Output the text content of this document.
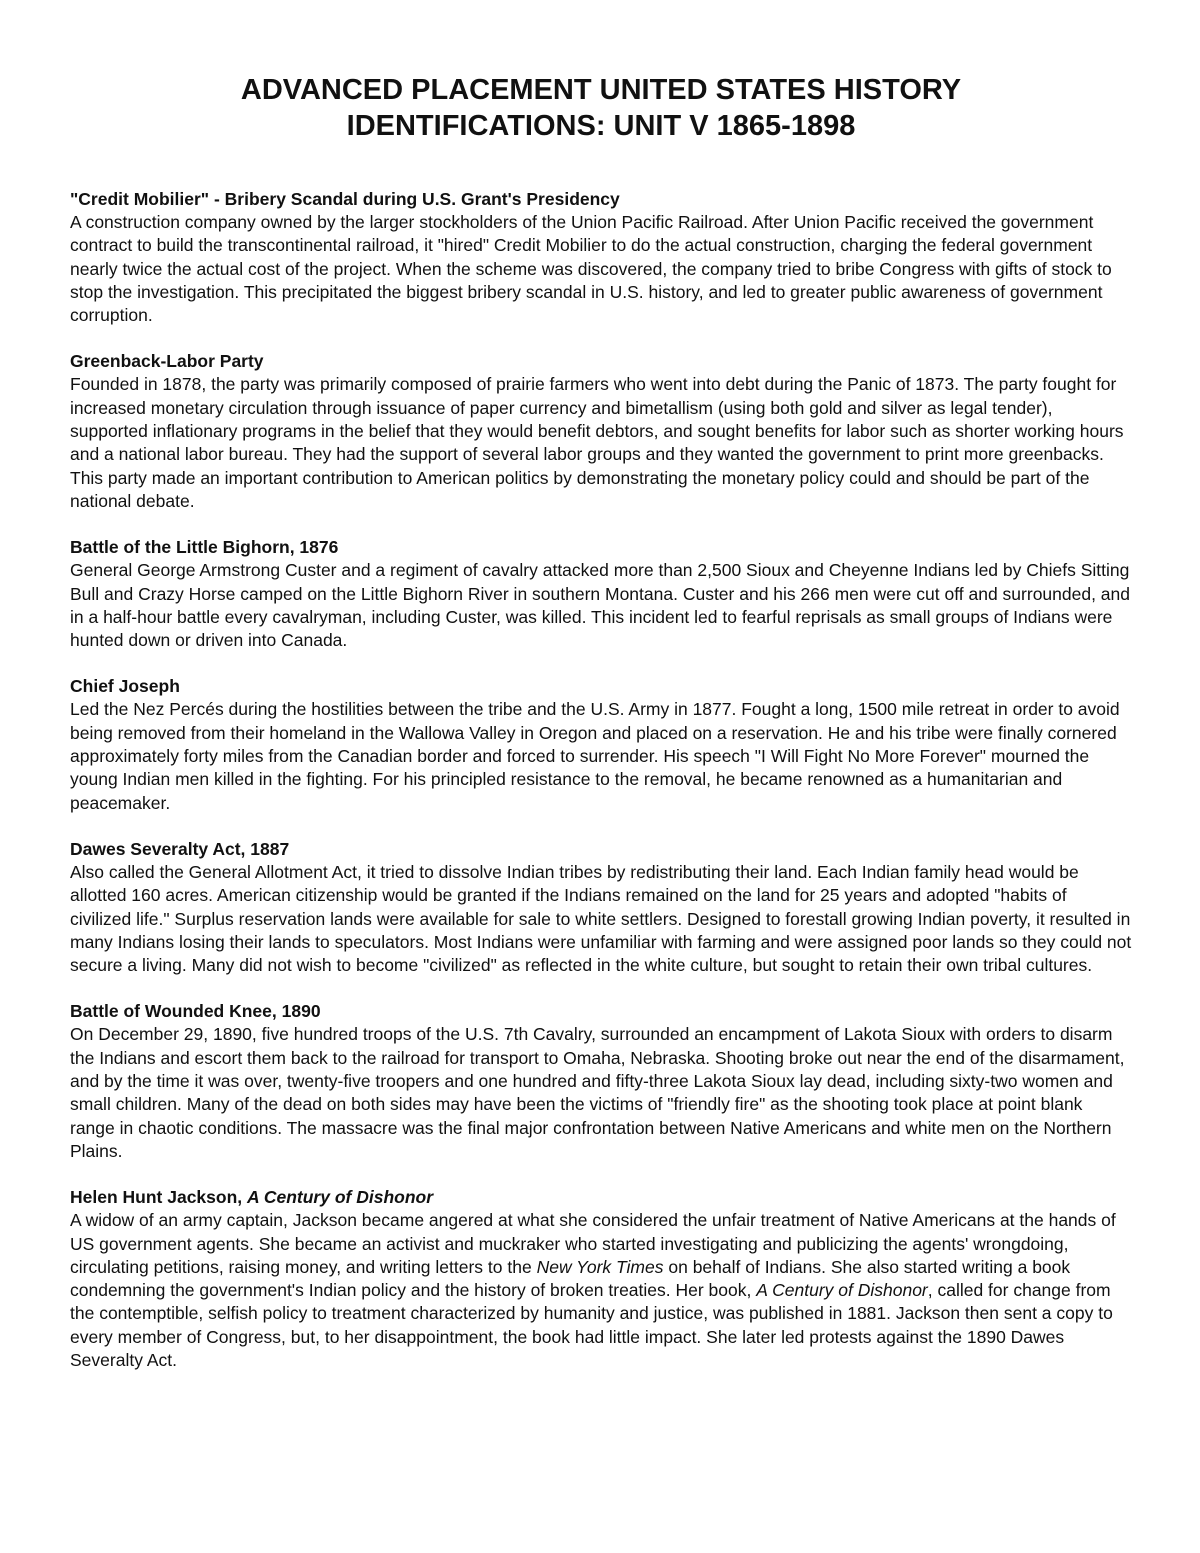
ADVANCED PLACEMENT UNITED STATES HISTORY
IDENTIFICATIONS: UNIT V 1865-1898

"Credit Mobilier" - Bribery Scandal during U.S. Grant's Presidency

A construction company owned by the larger stockholders of the Union Pacific Railroad. After Union Pacific received the government contract to build the transcontinental railroad, it "hired" Credit Mobilier to do the actual construction, charging the federal government nearly twice the actual cost of the project. When the scheme was discovered, the company tried to bribe Congress with gifts of stock to stop the investigation. This precipitated the biggest bribery scandal in U.S. history, and led to greater public awareness of government corruption.

Greenback-Labor Party

Founded in 1878, the party was primarily composed of prairie farmers who went into debt during the Panic of 1873. The party fought for increased monetary circulation through issuance of paper currency and bimetallism (using both gold and silver as legal tender), supported inflationary programs in the belief that they would benefit debtors, and sought benefits for labor such as shorter working hours and a national labor bureau. They had the support of several labor groups and they wanted the government to print more greenbacks. This party made an important contribution to American politics by demonstrating the monetary policy could and should be part of the national debate.

Battle of the Little Bighorn, 1876

General George Armstrong Custer and a regiment of cavalry attacked more than 2,500 Sioux and Cheyenne Indians led by Chiefs Sitting Bull and Crazy Horse camped on the Little Bighorn River in southern Montana. Custer and his 266 men were cut off and surrounded, and in a half-hour battle every cavalryman, including Custer, was killed. This incident led to fearful reprisals as small groups of Indians were hunted down or driven into Canada.

Chief Joseph

Led the Nez Percés during the hostilities between the tribe and the U.S. Army in 1877. Fought a long, 1500 mile retreat in order to avoid being removed from their homeland in the Wallowa Valley in Oregon and placed on a reservation. He and his tribe were finally cornered approximately forty miles from the Canadian border and forced to surrender. His speech "I Will Fight No More Forever" mourned the young Indian men killed in the fighting. For his principled resistance to the removal, he became renowned as a humanitarian and peacemaker.

Dawes Severalty Act, 1887

Also called the General Allotment Act, it tried to dissolve Indian tribes by redistributing their land. Each Indian family head would be allotted 160 acres. American citizenship would be granted if the Indians remained on the land for 25 years and adopted "habits of civilized life." Surplus reservation lands were available for sale to white settlers. Designed to forestall growing Indian poverty, it resulted in many Indians losing their lands to speculators. Most Indians were unfamiliar with farming and were assigned poor lands so they could not secure a living. Many did not wish to become "civilized" as reflected in the white culture, but sought to retain their own tribal cultures.

Battle of Wounded Knee, 1890

On December 29, 1890, five hundred troops of the U.S. 7th Cavalry, surrounded an encampment of Lakota Sioux with orders to disarm the Indians and escort them back to the railroad for transport to Omaha, Nebraska. Shooting broke out near the end of the disarmament, and by the time it was over, twenty-five troopers and one hundred and fifty-three Lakota Sioux lay dead, including sixty-two women and small children. Many of the dead on both sides may have been the victims of "friendly fire" as the shooting took place at point blank range in chaotic conditions. The massacre was the final major confrontation between Native Americans and white men on the Northern Plains.

Helen Hunt Jackson, A Century of Dishonor

A widow of an army captain, Jackson became angered at what she considered the unfair treatment of Native Americans at the hands of US government agents. She became an activist and muckraker who started investigating and publicizing the agents' wrongdoing, circulating petitions, raising money, and writing letters to the New York Times on behalf of Indians. She also started writing a book condemning the government's Indian policy and the history of broken treaties. Her book, A Century of Dishonor, called for change from the contemptible, selfish policy to treatment characterized by humanity and justice, was published in 1881. Jackson then sent a copy to every member of Congress, but, to her disappointment, the book had little impact. She later led protests against the 1890 Dawes Severalty Act.
